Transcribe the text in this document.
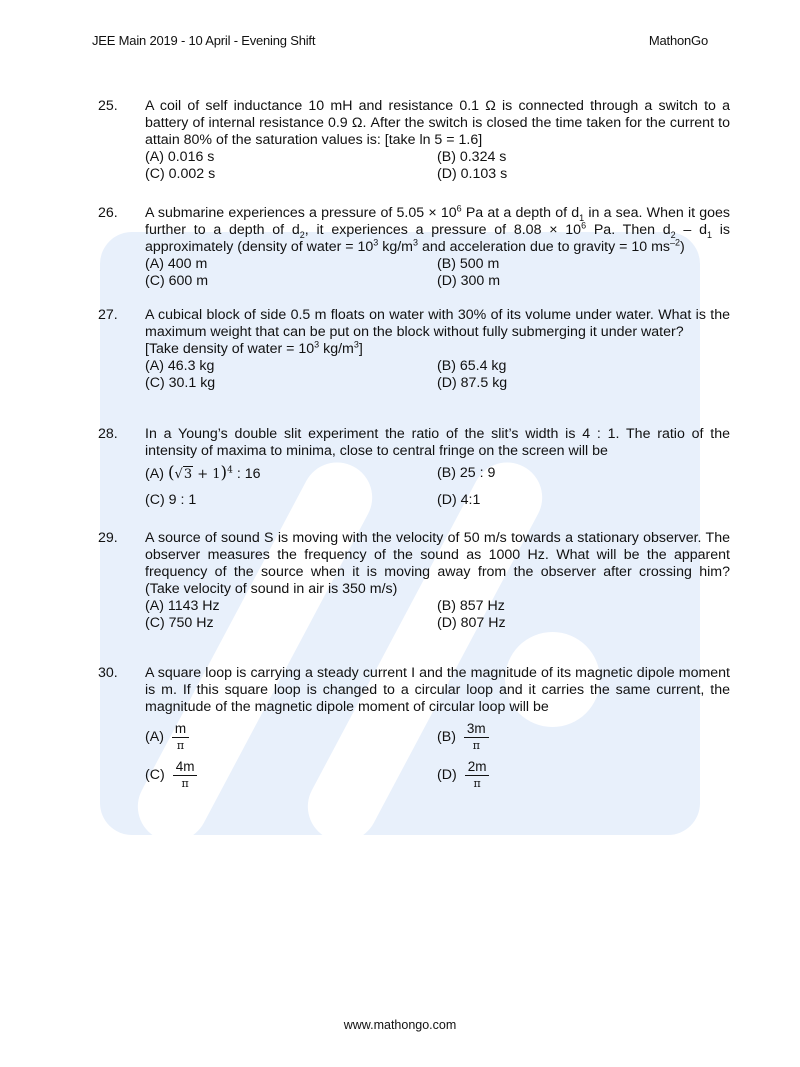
JEE Main 2019 - 10 April - Evening Shift	MathonGo
25.	A coil of self inductance 10 mH and resistance 0.1 Ω is connected through a switch to a battery of internal resistance 0.9 Ω. After the switch is closed the time taken for the current to attain 80% of the saturation values is: [take ln 5 = 1.6]
(A) 0.016 s	(B) 0.324 s
(C) 0.002 s	(D) 0.103 s
26.	A submarine experiences a pressure of $5.05 \times 10^6$ Pa at a depth of $d_1$ in a sea. When it goes further to a depth of $d_2$, it experiences a pressure of $8.08 \times 10^6$ Pa. Then $d_2 - d_1$ is approximately (density of water = $10^3$ $kg/m^3$ and acceleration due to gravity = 10 $ms^{-2}$)
(A) 400 m	(B) 500 m
(C) 600 m	(D) 300 m
27.	A cubical block of side 0.5 m floats on water with 30% of its volume under water. What is the maximum weight that can be put on the block without fully submerging it under water?
[Take density of water = $10^3$ $kg/m^3$]
(A) 46.3 kg	(B) 65.4 kg
(C) 30.1 kg	(D) 87.5 kg
28.	In a Young’s double slit experiment the ratio of the slit’s width is 4 : 1. The ratio of the intensity of maxima to minima, close to central fringe on the screen will be
(A) $(√3 + 1)^4$ : 16	(B) 25 : 9
(C) 9 : 1	(D) 4:1
29.	A source of sound S is moving with the velocity of 50 m/s towards a stationary observer. The observer measures the frequency of the sound as 1000 Hz. What will be the apparent frequency of the source when it is moving away from the observer after crossing him?
(Take velocity of sound in air is 350 m/s)
(A) 1143 Hz	(B) 857 Hz
(C) 750 Hz	(D) 807 Hz
30.	A square loop is carrying a steady current I and the magnitude of its magnetic dipole moment is m. If this square loop is changed to a circular loop and it carries the same current, the magnitude of the magnetic dipole moment of circular loop will be
$(A) \frac{m}{\pi}$	$(B) \frac{3m}{\pi}$
$(C) \frac{4m}{\pi}$	$(D) \frac{2m}{\pi}$
www.mathongo.com
